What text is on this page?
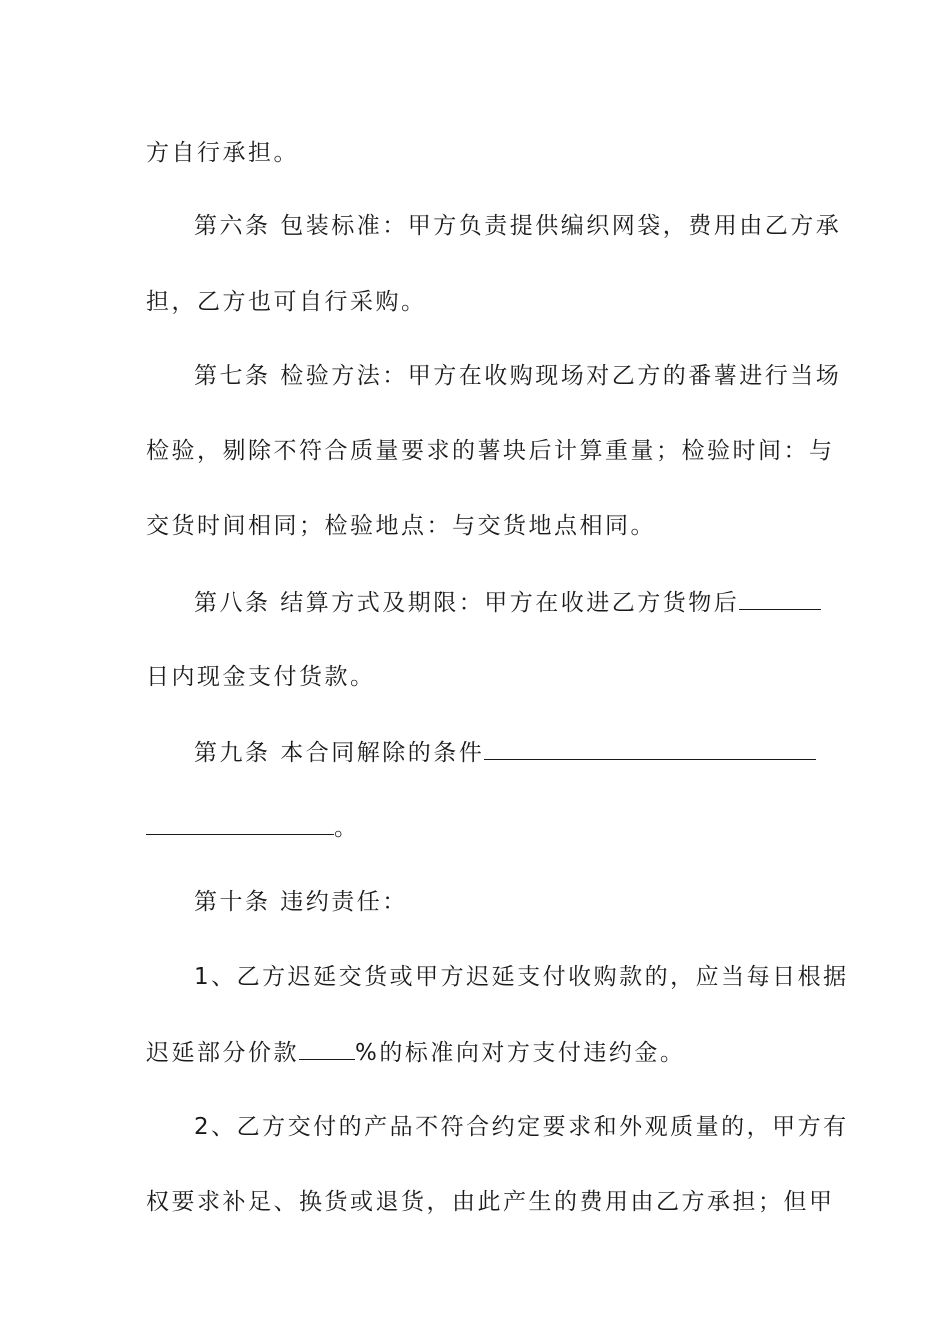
方自行承担。
第六条 包装标准：甲方负责提供编织网袋，费用由乙方承
担，乙方也可自行采购。
第七条 检验方法：甲方在收购现场对乙方的番薯进行当场
检验，剔除不符合质量要求的薯块后计算重量；检验时间：与
交货时间相同；检验地点：与交货地点相同。
第八条 结算方式及期限：甲方在收进乙方货物后
日内现金支付货款。
第九条 本合同解除的条件
。
第十条 违约责任：
1、乙方迟延交货或甲方迟延支付收购款的，应当每日根据
迟延部分价款 %的标准向对方支付违约金。
2、乙方交付的产品不符合约定要求和外观质量的，甲方有
权要求补足、换货或退货，由此产生的费用由乙方承担；但甲
